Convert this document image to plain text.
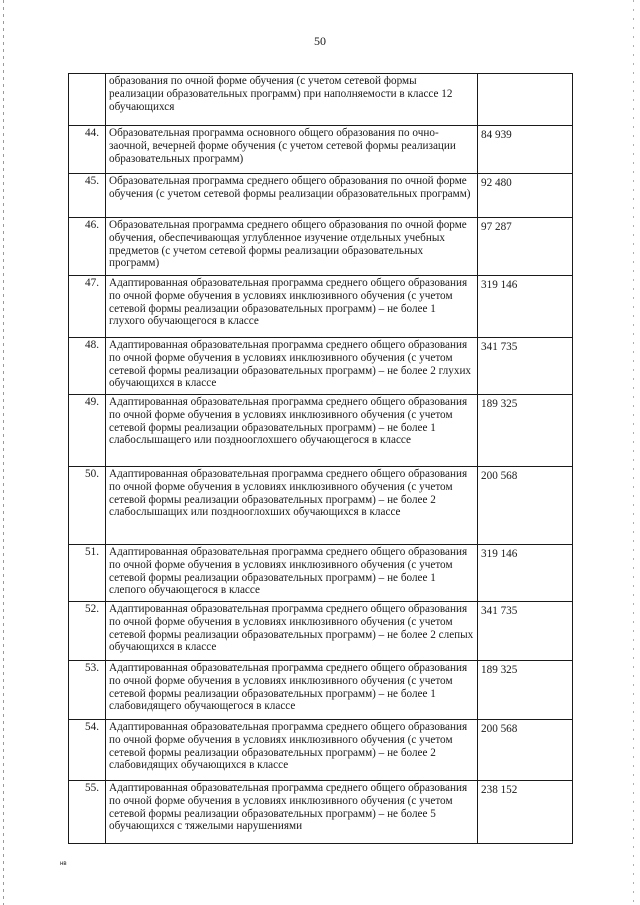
50
	образования по очной форме обучения (с учетом сетевой формы реализации образовательных программ) при наполняемости в классе 12 обучающихся	
44.	Образовательная программа основного общего образования по очно-заочной, вечерней форме обучения (с учетом сетевой формы реализации образовательных программ)	84 939
45.	Образовательная программа среднего общего образования по очной форме обучения (с учетом сетевой формы реализации образовательных программ)	92 480
46.	Образовательная программа среднего общего образования по очной форме обучения, обеспечивающая углубленное изучение отдельных учебных предметов (с учетом сетевой формы реализации образовательных программ)	97 287
47.	Адаптированная образовательная программа среднего общего образования по очной форме обучения в условиях инклюзивного обучения (с учетом сетевой формы реализации образовательных программ) – не более 1 глухого обучающегося в классе	319 146
48.	Адаптированная образовательная программа среднего общего образования по очной форме обучения в условиях инклюзивного обучения (с учетом сетевой формы реализации образовательных программ) – не более 2 глухих обучающихся в классе	341 735
49.	Адаптированная образовательная программа среднего общего образования по очной форме обучения в условиях инклюзивного обучения (с учетом сетевой формы реализации образовательных программ) – не более 1 слабослышащего или позднооглохшего обучающегося в классе	189 325
50.	Адаптированная образовательная программа среднего общего образования по очной форме обучения в условиях инклюзивного обучения (с учетом сетевой формы реализации образовательных программ) – не более 2 слабослышащих или позднооглохших обучающихся в классе	200 568
51.	Адаптированная образовательная программа среднего общего образования по очной форме обучения в условиях инклюзивного обучения (с учетом сетевой формы реализации образовательных программ) – не более 1 слепого обучающегося в классе	319 146
52.	Адаптированная образовательная программа среднего общего образования по очной форме обучения в условиях инклюзивного обучения (с учетом сетевой формы реализации образовательных программ) – не более 2 слепых обучающихся в классе	341 735
53.	Адаптированная образовательная программа среднего общего образования по очной форме обучения в условиях инклюзивного обучения (с учетом сетевой формы реализации образовательных программ) – не более 1 слабовидящего обучающегося в классе	189 325
54.	Адаптированная образовательная программа среднего общего образования по очной форме обучения в условиях инклюзивного обучения (с учетом сетевой формы реализации образовательных программ) – не более 2 слабовидящих обучающихся в классе	200 568
55.	Адаптированная образовательная программа среднего общего образования по очной форме обучения в условиях инклюзивного обучения (с учетом сетевой формы реализации образовательных программ) – не более 5 обучающихся с тяжелыми нарушениями	238 152
нв
